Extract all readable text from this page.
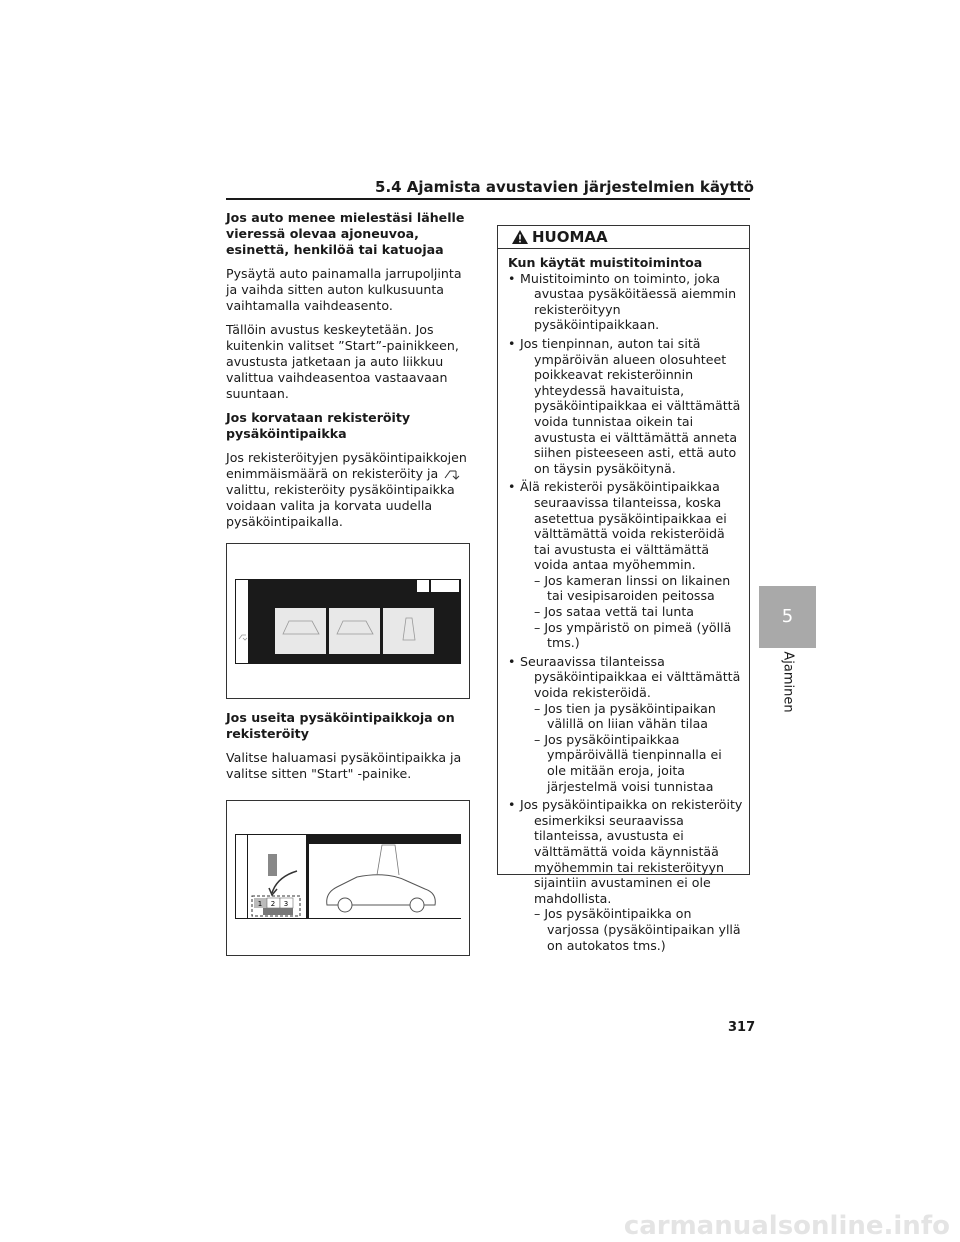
5.4 Ajamista avustavien järjestelmien käyttö
Jos auto menee mielestäsi lähelle vieressä olevaa ajoneuvoa, esinettä, henkilöä tai katuojaa

Pysäytä auto painamalla jarrupoljinta ja vaihda sitten auton kulkusuunta vaihtamalla vaihdeasento.

Tällöin avustus keskeytetään. Jos kuitenkin valitset ”Start”-painikkeen, avustusta jatketaan ja auto liikkuu valittua vaihdeasentoa vastaavaan suuntaan.

Jos korvataan rekisteröity pysäköintipaikka

Jos rekisteröityjen pysäköintipaikkojen enimmäismäärä on rekisteröity ja  valittu, rekisteröity pysäköintipaikka voidaan valita ja korvata uudella pysäköintipaikalla.

Jos useita pysäköintipaikkoja on rekisteröity

Valitse haluamasi pysäköintipaikka ja valitse sitten "Start" -painike.

1 2 3
HUOMAA

Kun käytät muistitoimintoa

• Muistitoiminto on toiminto, joka avustaa pysäköitäessä aiemmin rekisteröityyn pysäköintipaikkaan.
• Jos tienpinnan, auton tai sitä ympäröivän alueen olosuhteet poikkeavat rekisteröinnin yhteydessä havaituista, pysäköintipaikkaa ei välttämättä voida tunnistaa oikein tai avustusta ei välttämättä anneta siihen pisteeseen asti, että auto on täysin pysäköitynä.
• Älä rekisteröi pysäköintipaikkaa seuraavissa tilanteissa, koska asetettua pysäköintipaikkaa ei välttämättä voida rekisteröidä tai avustusta ei välttämättä voida antaa myöhemmin.
– Jos kameran linssi on likainen tai vesipisaroiden peitossa
– Jos sataa vettä tai lunta
– Jos ympäristö on pimeä (yöllä tms.)
• Seuraavissa tilanteissa pysäköintipaikkaa ei välttämättä voida rekisteröidä.
– Jos tien ja pysäköintipaikan välillä on liian vähän tilaa
– Jos pysäköintipaikkaa ympäröivällä tienpinnalla ei ole mitään eroja, joita järjestelmä voisi tunnistaa
• Jos pysäköintipaikka on rekisteröity esimerkiksi seuraavissa tilanteissa, avustusta ei välttämättä voida käynnistää myöhemmin tai rekisteröityyn sijaintiin avustaminen ei ole mahdollista.
– Jos pysäköintipaikka on varjossa (pysäköintipaikan yllä on autokatos tms.)
5
Ajaminen
317
carmanualsonline.info
